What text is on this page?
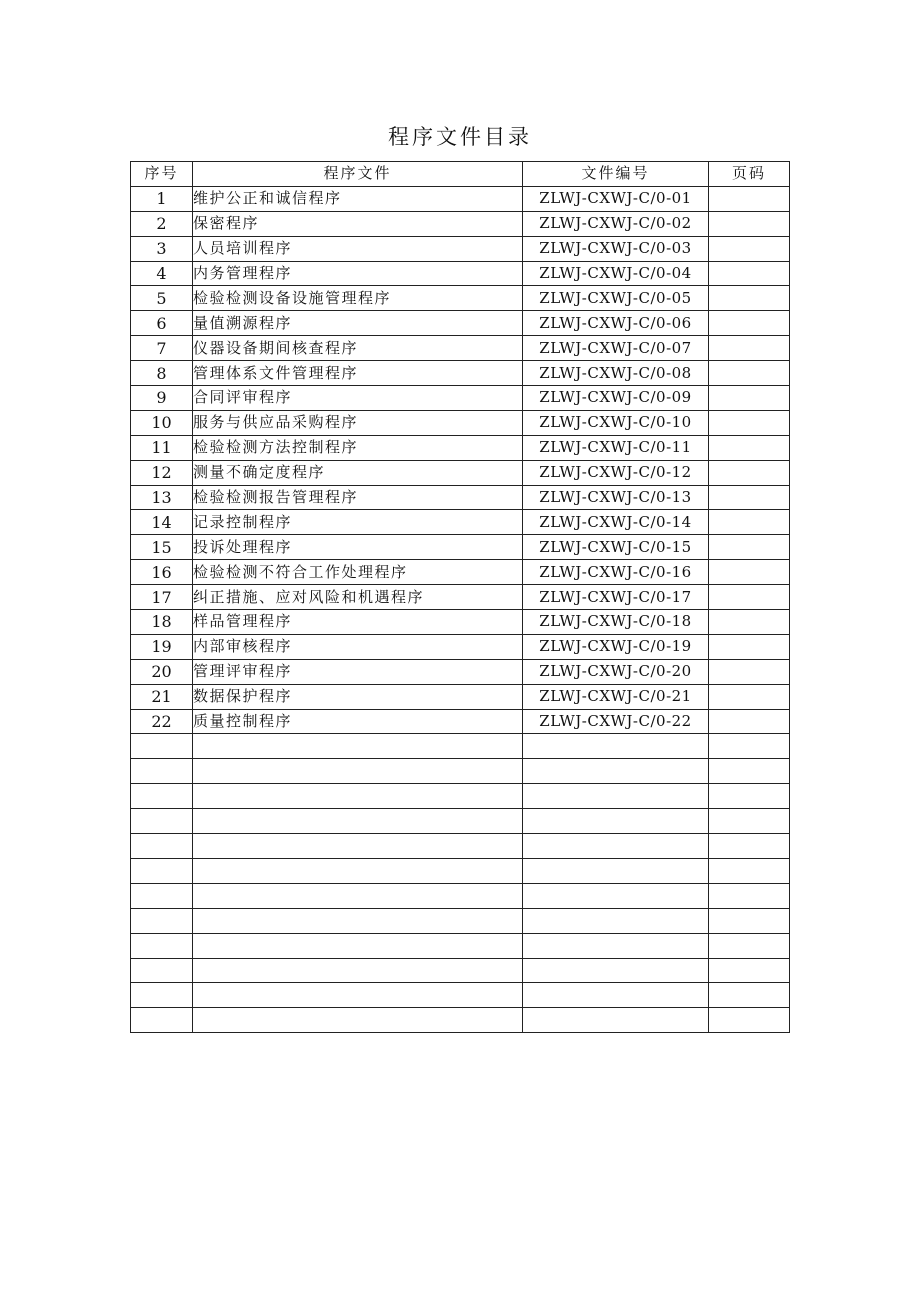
程序文件目录
序号	程序文件	文件编号	页码
1	维护公正和诚信程序	ZLWJ-CXWJ-C/0-01	
2	保密程序	ZLWJ-CXWJ-C/0-02	
3	人员培训程序	ZLWJ-CXWJ-C/0-03	
4	内务管理程序	ZLWJ-CXWJ-C/0-04	
5	检验检测设备设施管理程序	ZLWJ-CXWJ-C/0-05	
6	量值溯源程序	ZLWJ-CXWJ-C/0-06	
7	仪器设备期间核查程序	ZLWJ-CXWJ-C/0-07	
8	管理体系文件管理程序	ZLWJ-CXWJ-C/0-08	
9	合同评审程序	ZLWJ-CXWJ-C/0-09	
10	服务与供应品采购程序	ZLWJ-CXWJ-C/0-10	
11	检验检测方法控制程序	ZLWJ-CXWJ-C/0-11	
12	测量不确定度程序	ZLWJ-CXWJ-C/0-12	
13	检验检测报告管理程序	ZLWJ-CXWJ-C/0-13	
14	记录控制程序	ZLWJ-CXWJ-C/0-14	
15	投诉处理程序	ZLWJ-CXWJ-C/0-15	
16	检验检测不符合工作处理程序	ZLWJ-CXWJ-C/0-16	
17	纠正措施、应对风险和机遇程序	ZLWJ-CXWJ-C/0-17	
18	样品管理程序	ZLWJ-CXWJ-C/0-18	
19	内部审核程序	ZLWJ-CXWJ-C/0-19	
20	管理评审程序	ZLWJ-CXWJ-C/0-20	
21	数据保护程序	ZLWJ-CXWJ-C/0-21	
22	质量控制程序	ZLWJ-CXWJ-C/0-22	
